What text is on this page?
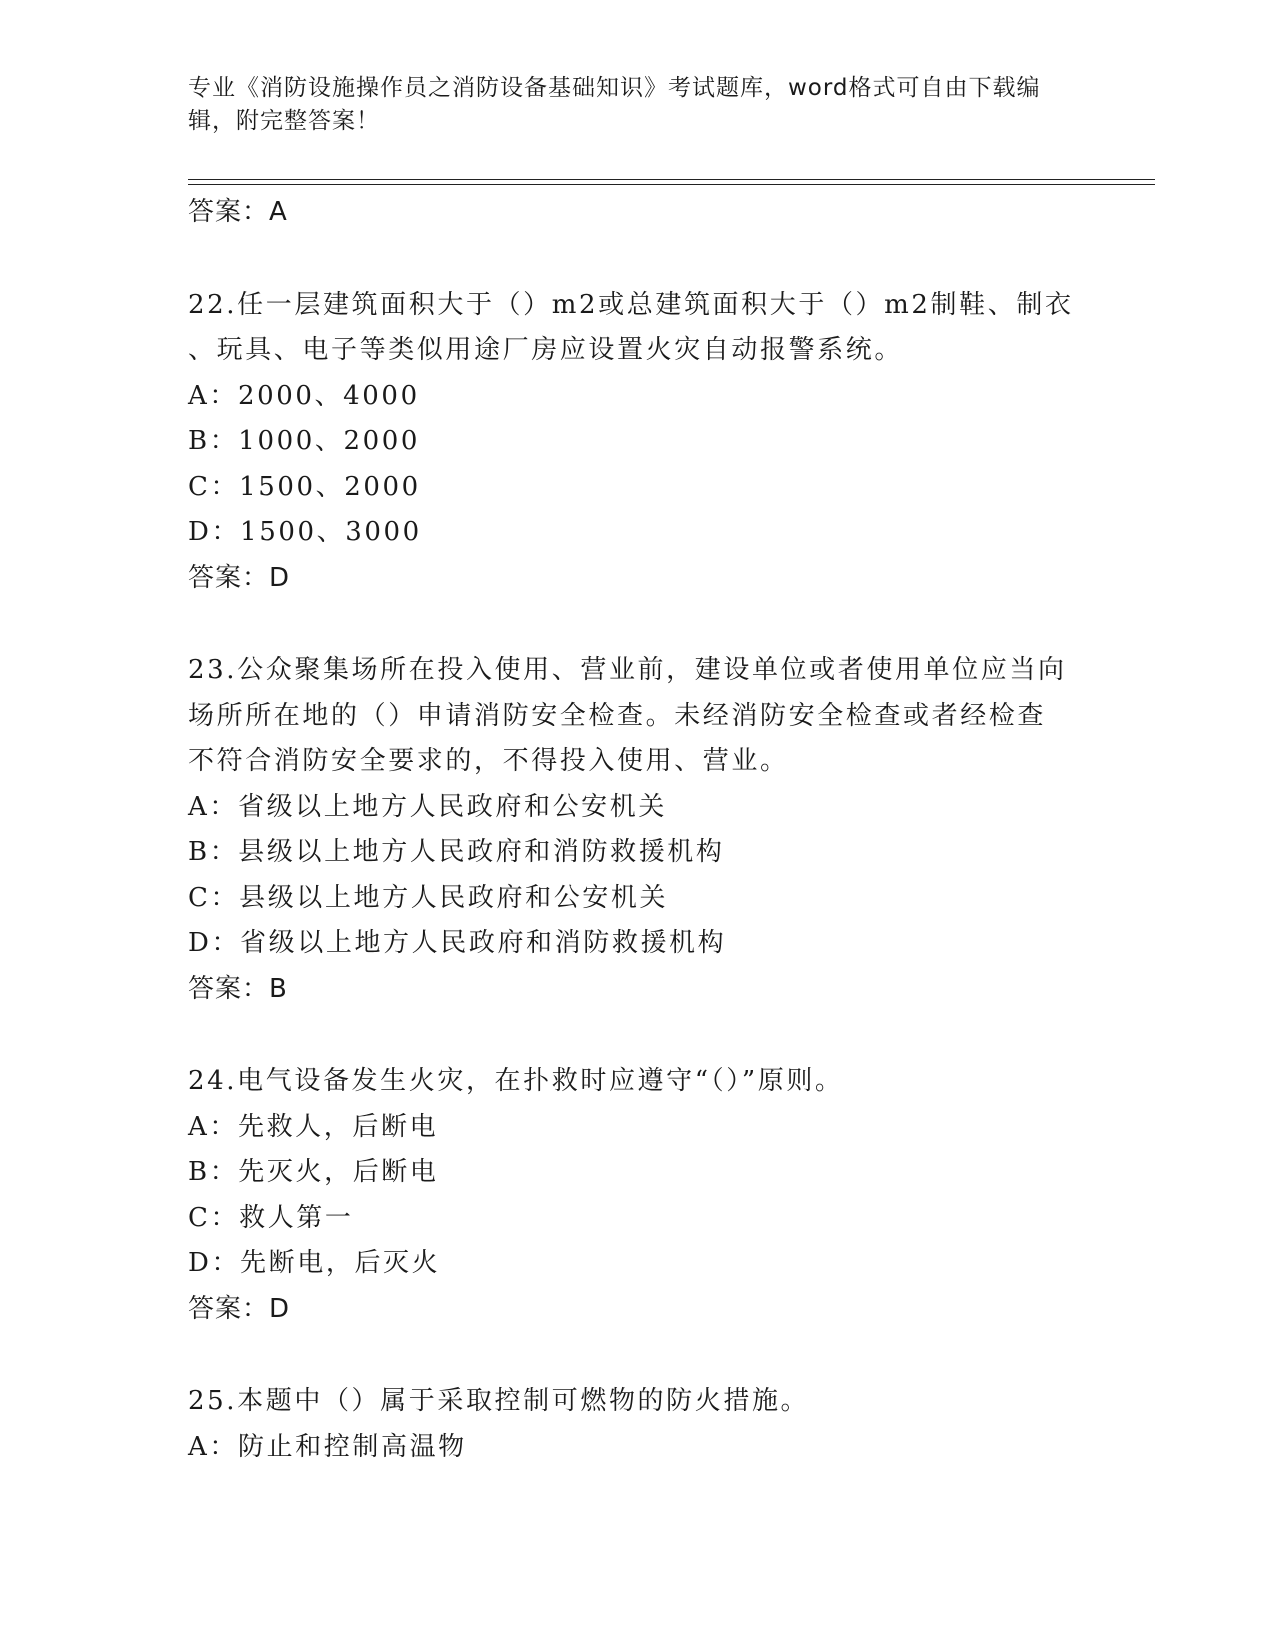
专业《消防设施操作员之消防设备基础知识》考试题库，word格式可自由下载编
辑，附完整答案！
答案：A
22.任一层建筑面积大于（）m2或总建筑面积大于（）m2制鞋、制衣
、玩具、电子等类似用途厂房应设置火灾自动报警系统。
A：2000、4000
B：1000、2000
C：1500、2000
D：1500、3000
答案：D
23.公众聚集场所在投入使用、营业前，建设单位或者使用单位应当向
场所所在地的（）申请消防安全检查。未经消防安全检查或者经检查
不符合消防安全要求的，不得投入使用、营业。
A：省级以上地方人民政府和公安机关
B：县级以上地方人民政府和消防救援机构
C：县级以上地方人民政府和公安机关
D：省级以上地方人民政府和消防救援机构
答案：B
24.电气设备发生火灾，在扑救时应遵守“（）”原则。
A：先救人，后断电
B：先灭火，后断电
C：救人第一
D：先断电，后灭火
答案：D
25.本题中（）属于采取控制可燃物的防火措施。
A：防止和控制高温物
